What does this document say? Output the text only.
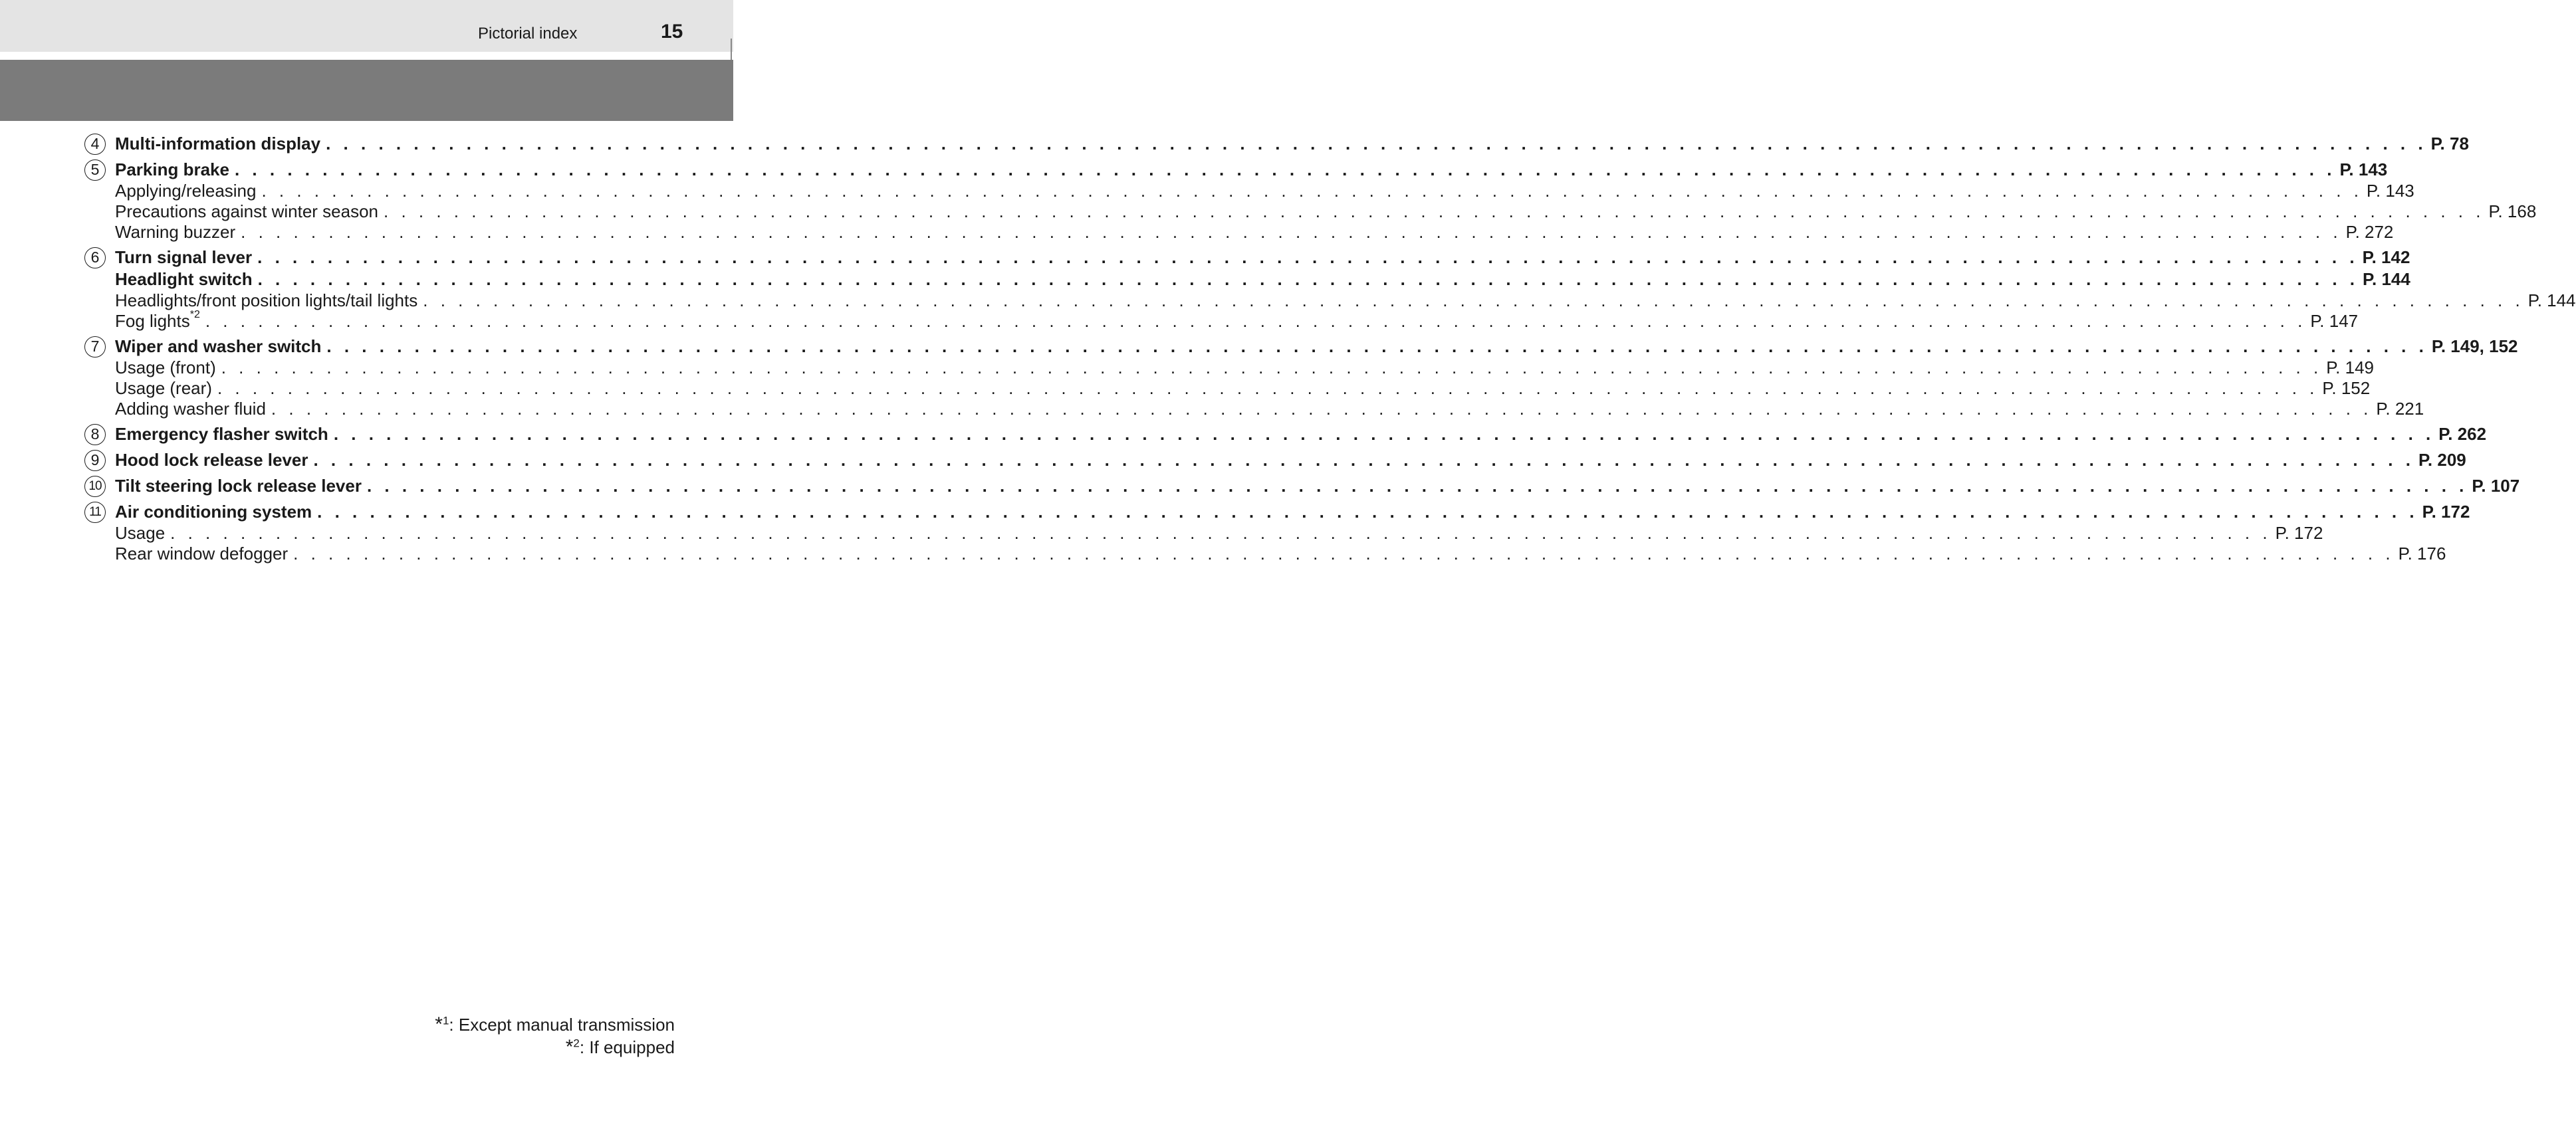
Pictorial index	15
4 Multi-information display . . . . . . . . . . . . . . . . . . . . . . . . . . . . . . . . . . . . . . . . . . . . . . . . . . . . . . . . . . . . . . . . . . . . . . . . . . . . . . . . . . . . . . . . . . . . . . . . . . . . . . . . . . . . . . . . . . . . . . . . P. 78
5 Parking brake . . . . . . . . . . . . . . . . . . . . . . . . . . . . . . . . . . . . . . . . . . . . . . . . . . . . . . . . . . . . . . . . . . . . . . . . . . . . . . . . . . . . . . . . . . . . . . . . . . . . . . . . . . . . . . . . . . . . . . . . P. 143
Applying/releasing . . . . . . . . . . . . . . . . . . . . . . . . . . . . . . . . . . . . . . . . . . . . . . . . . . . . . . . . . . . . . . . . . . . . . . . . . . . . . . . . . . . . . . . . . . . . . . . . . . . . . . . . . . . . . . . . . . . . . . . . P. 143
Precautions against winter season . . . . . . . . . . . . . . . . . . . . . . . . . . . . . . . . . . . . . . . . . . . . . . . . . . . . . . . . . . . . . . . . . . . . . . . . . . . . . . . . . . . . . . . . . . . . . . . . . . . . . . . . . . . . . . . . . . . . . . . . P. 168
Warning buzzer . . . . . . . . . . . . . . . . . . . . . . . . . . . . . . . . . . . . . . . . . . . . . . . . . . . . . . . . . . . . . . . . . . . . . . . . . . . . . . . . . . . . . . . . . . . . . . . . . . . . . . . . . . . . . . . . . . . . . . . . P. 272
6 Turn signal lever . . . . . . . . . . . . . . . . . . . . . . . . . . . . . . . . . . . . . . . . . . . . . . . . . . . . . . . . . . . . . . . . . . . . . . . . . . . . . . . . . . . . . . . . . . . . . . . . . . . . . . . . . . . . . . . . . . . . . . . . P. 142
Headlight switch . . . . . . . . . . . . . . . . . . . . . . . . . . . . . . . . . . . . . . . . . . . . . . . . . . . . . . . . . . . . . . . . . . . . . . . . . . . . . . . . . . . . . . . . . . . . . . . . . . . . . . . . . . . . . . . . . . . . . . . . P. 144
Headlights/front position lights/tail lights . . . . . . . . . . . . . . . . . . . . . . . . . . . . . . . . . . . . . . . . . . . . . . . . . . . . . . . . . . . . . . . . . . . . . . . . . . . . . . . . . . . . . . . . . . . . . . . . . . . . . . . . . . . . . . . . . . . . . . . . P. 144
Fog lights$^{*2}$ . . . . . . . . . . . . . . . . . . . . . . . . . . . . . . . . . . . . . . . . . . . . . . . . . . . . . . . . . . . . . . . . . . . . . . . . . . . . . . . . . . . . . . . . . . . . . . . . . . . . . . . . . . . . . . . . . . . . . . . . P. 147
7 Wiper and washer switch . . . . . . . . . . . . . . . . . . . . . . . . . . . . . . . . . . . . . . . . . . . . . . . . . . . . . . . . . . . . . . . . . . . . . . . . . . . . . . . . . . . . . . . . . . . . . . . . . . . . . . . . . . . . . . . . . . . . . . . . P. 149, 152
Usage (front) . . . . . . . . . . . . . . . . . . . . . . . . . . . . . . . . . . . . . . . . . . . . . . . . . . . . . . . . . . . . . . . . . . . . . . . . . . . . . . . . . . . . . . . . . . . . . . . . . . . . . . . . . . . . . . . . . . . . . . . . P. 149
Usage (rear) . . . . . . . . . . . . . . . . . . . . . . . . . . . . . . . . . . . . . . . . . . . . . . . . . . . . . . . . . . . . . . . . . . . . . . . . . . . . . . . . . . . . . . . . . . . . . . . . . . . . . . . . . . . . . . . . . . . . . . . . P. 152
Adding washer fluid . . . . . . . . . . . . . . . . . . . . . . . . . . . . . . . . . . . . . . . . . . . . . . . . . . . . . . . . . . . . . . . . . . . . . . . . . . . . . . . . . . . . . . . . . . . . . . . . . . . . . . . . . . . . . . . . . . . . . . . . P. 221
8 Emergency flasher switch . . . . . . . . . . . . . . . . . . . . . . . . . . . . . . . . . . . . . . . . . . . . . . . . . . . . . . . . . . . . . . . . . . . . . . . . . . . . . . . . . . . . . . . . . . . . . . . . . . . . . . . . . . . . . . . . . . . . . . . . P. 262
9 Hood lock release lever . . . . . . . . . . . . . . . . . . . . . . . . . . . . . . . . . . . . . . . . . . . . . . . . . . . . . . . . . . . . . . . . . . . . . . . . . . . . . . . . . . . . . . . . . . . . . . . . . . . . . . . . . . . . . . . . . . . . . . . . P. 209
10 Tilt steering lock release lever . . . . . . . . . . . . . . . . . . . . . . . . . . . . . . . . . . . . . . . . . . . . . . . . . . . . . . . . . . . . . . . . . . . . . . . . . . . . . . . . . . . . . . . . . . . . . . . . . . . . . . . . . . . . . . . . . . . . . . . . P. 107
11 Air conditioning system . . . . . . . . . . . . . . . . . . . . . . . . . . . . . . . . . . . . . . . . . . . . . . . . . . . . . . . . . . . . . . . . . . . . . . . . . . . . . . . . . . . . . . . . . . . . . . . . . . . . . . . . . . . . . . . . . . . . . . . . P. 172
Usage . . . . . . . . . . . . . . . . . . . . . . . . . . . . . . . . . . . . . . . . . . . . . . . . . . . . . . . . . . . . . . . . . . . . . . . . . . . . . . . . . . . . . . . . . . . . . . . . . . . . . . . . . . . . . . . . . . . . . . . . P. 172
Rear window defogger . . . . . . . . . . . . . . . . . . . . . . . . . . . . . . . . . . . . . . . . . . . . . . . . . . . . . . . . . . . . . . . . . . . . . . . . . . . . . . . . . . . . . . . . . . . . . . . . . . . . . . . . . . . . . . . . . . . . . . . . P. 176
*$^1$: Except manual transmission
*$^2$: If equipped
